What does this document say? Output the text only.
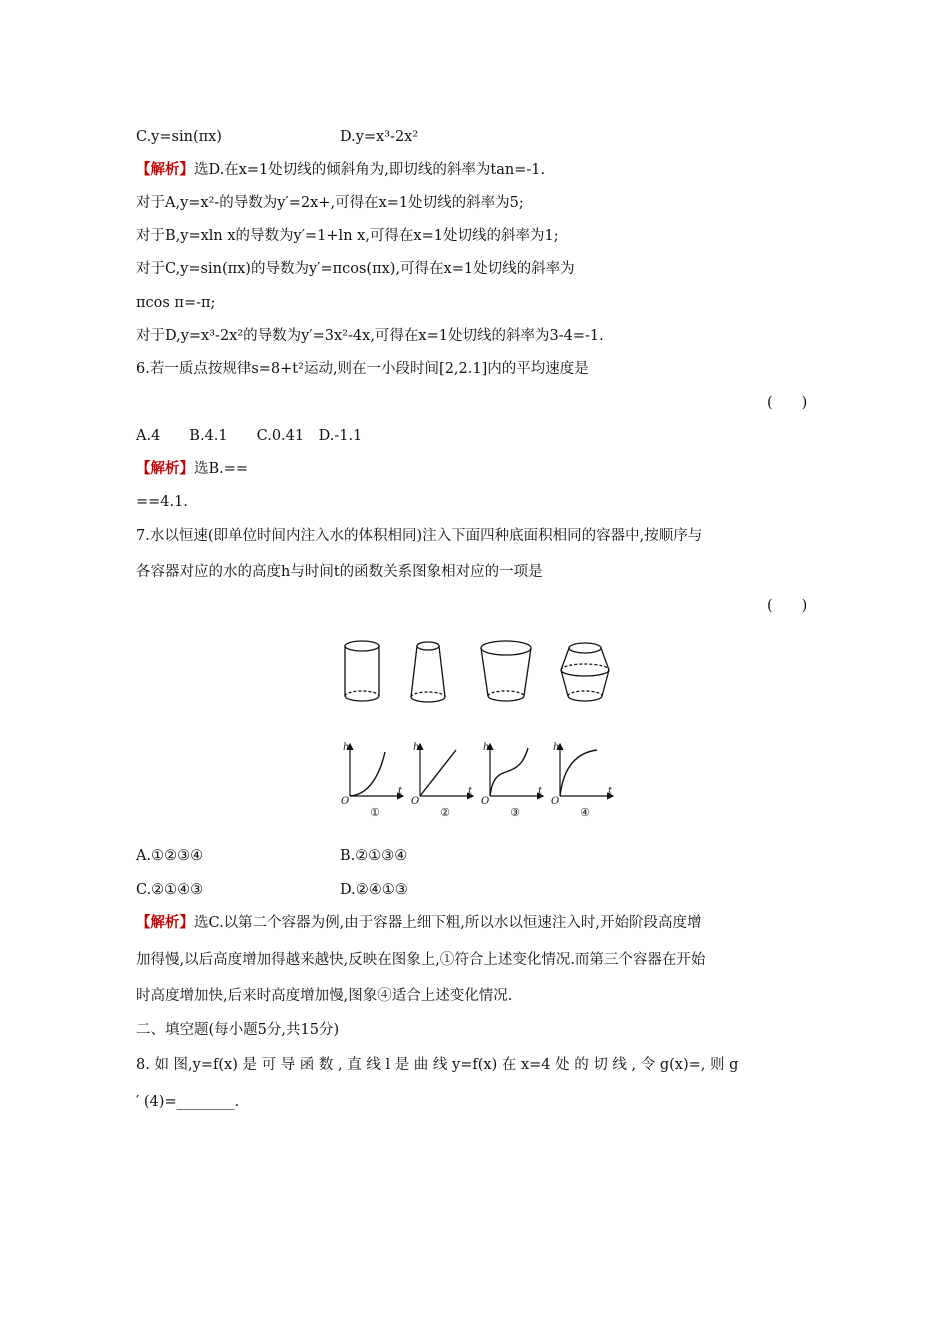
C.y=sin(πx)	D.y=x³-2x²
【解析】选D.在x=1处切线的倾斜角为,即切线的斜率为tan=-1.
对于A,y=x²-的导数为y′=2x+,可得在x=1处切线的斜率为5;
对于B,y=xln x的导数为y′=1+ln x,可得在x=1处切线的斜率为1;
对于C,y=sin(πx)的导数为y′=πcos(πx),可得在x=1处切线的斜率为
πcos π=-π;
对于D,y=x³-2x²的导数为y′=3x²-4x,可得在x=1处切线的斜率为3-4=-1.
6.若一质点按规律s=8+t²运动,则在一小段时间[2,2.1]内的平均速度是
(　　)
A.4　　B.4.1　　C.0.41　D.-1.1
【解析】选B.==
==4.1.
7.水以恒速(即单位时间内注入水的体积相同)注入下面四种底面积相同的容器中,按顺序与
各容器对应的水的高度h与时间t的函数关系图象相对应的一项是
(　　)
h
t
O
h
t
O
h
t
O
h
t
O
①	②	③	④
A.①②③④	B.②①③④
C.②①④③	D.②④①③
【解析】选C.以第二个容器为例,由于容器上细下粗,所以水以恒速注入时,开始阶段高度增
加得慢,以后高度增加得越来越快,反映在图象上,①符合上述变化情况.而第三个容器在开始
时高度增加快,后来时高度增加慢,图象④适合上述变化情况.
二、填空题(每小题5分,共15分)
8. 如 图,y=f(x) 是 可 导 函 数 , 直 线 l 是 曲 线 y=f(x) 在 x=4 处 的 切 线 , 令 g(x)=, 则 g
′ (4)=________.
